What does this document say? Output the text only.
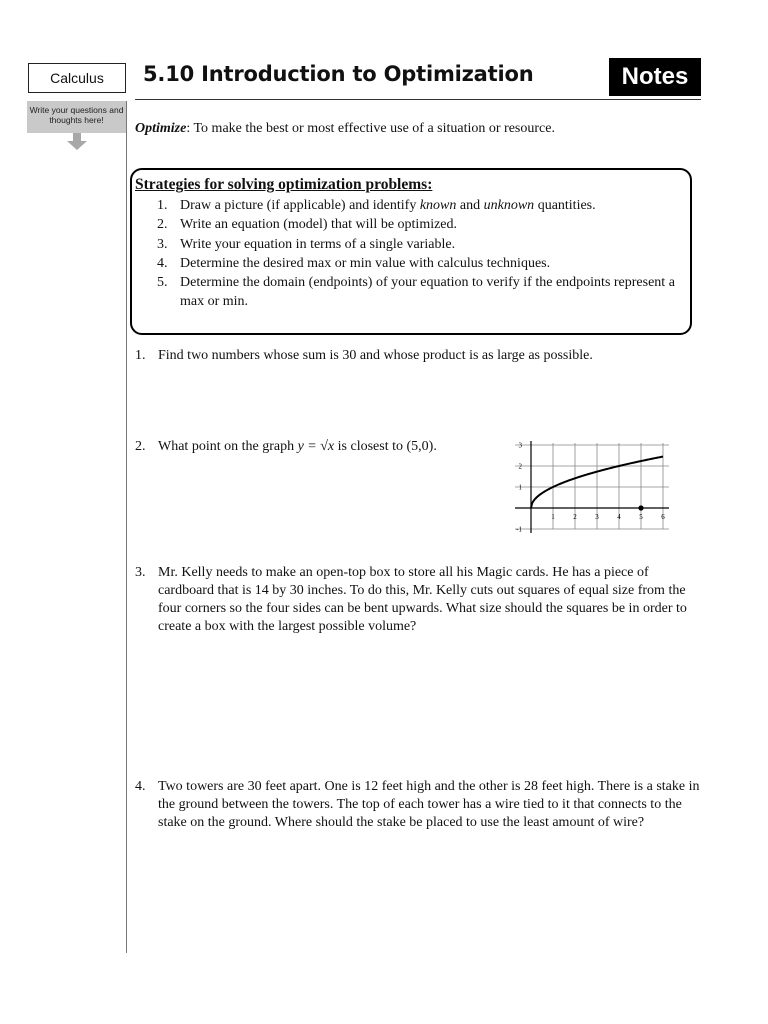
Calculus	5.10 Introduction to Optimization	Notes
Write your questions and thoughts here!
Optimize: To make the best or most effective use of a situation or resource.
Strategies for solving optimization problems:
1. Draw a picture (if applicable) and identify known and unknown quantities.
2. Write an equation (model) that will be optimized.
3. Write your equation in terms of a single variable.
4. Determine the desired max or min value with calculus techniques.
5. Determine the domain (endpoints) of your equation to verify if the endpoints represent a max or min.
1. Find two numbers whose sum is 30 and whose product is as large as possible.
2. What point on the graph y = √x is closest to (5,0).
1	2	3	4	5	6
3
2
1
-1
3. Mr. Kelly needs to make an open-top box to store all his Magic cards. He has a piece of cardboard that is 14 by 30 inches. To do this, Mr. Kelly cuts out squares of equal size from the four corners so the four sides can be bent upwards. What size should the squares be in order to create a box with the largest possible volume?
4. Two towers are 30 feet apart. One is 12 feet high and the other is 28 feet high. There is a stake in the ground between the towers. The top of each tower has a wire tied to it that connects to the stake on the ground. Where should the stake be placed to use the least amount of wire?
